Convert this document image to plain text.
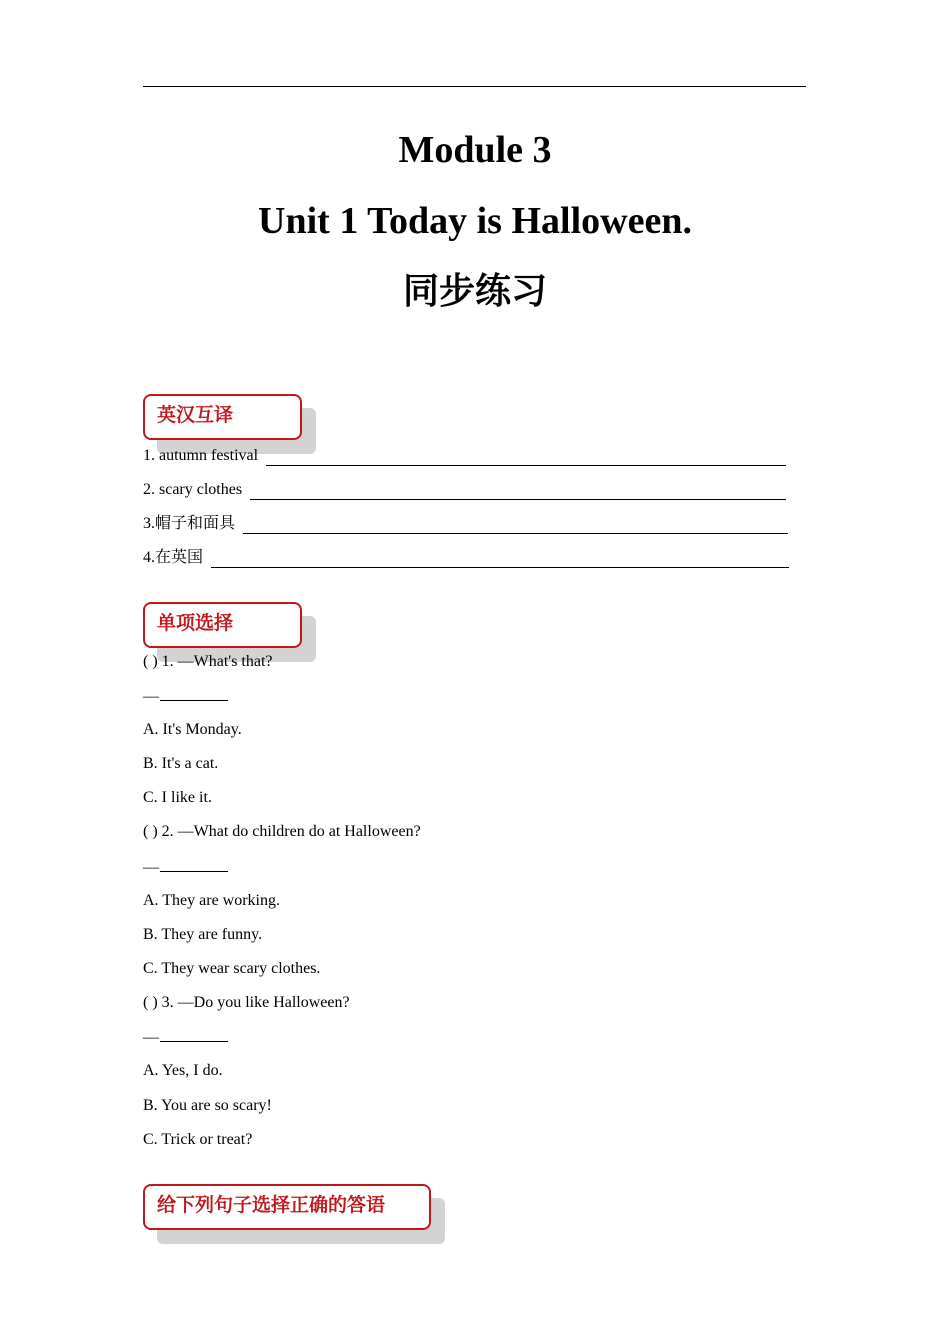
Module 3
Unit 1 Today is Halloween.
同步练习
英汉互译
1. autumn festival
2. scary clothes
3.帽子和面具
4.在英国
单项选择
( ) 1. —What's that?
—
A. It's Monday.
B. It's a cat.
C. I like it.
( ) 2. —What do children do at Halloween?
—
A. They are working.
B. They are funny.
C. They wear scary clothes.
( ) 3. —Do you like Halloween?
—
A. Yes, I do.
B. You are so scary!
C. Trick or treat?
给下列句子选择正确的答语
